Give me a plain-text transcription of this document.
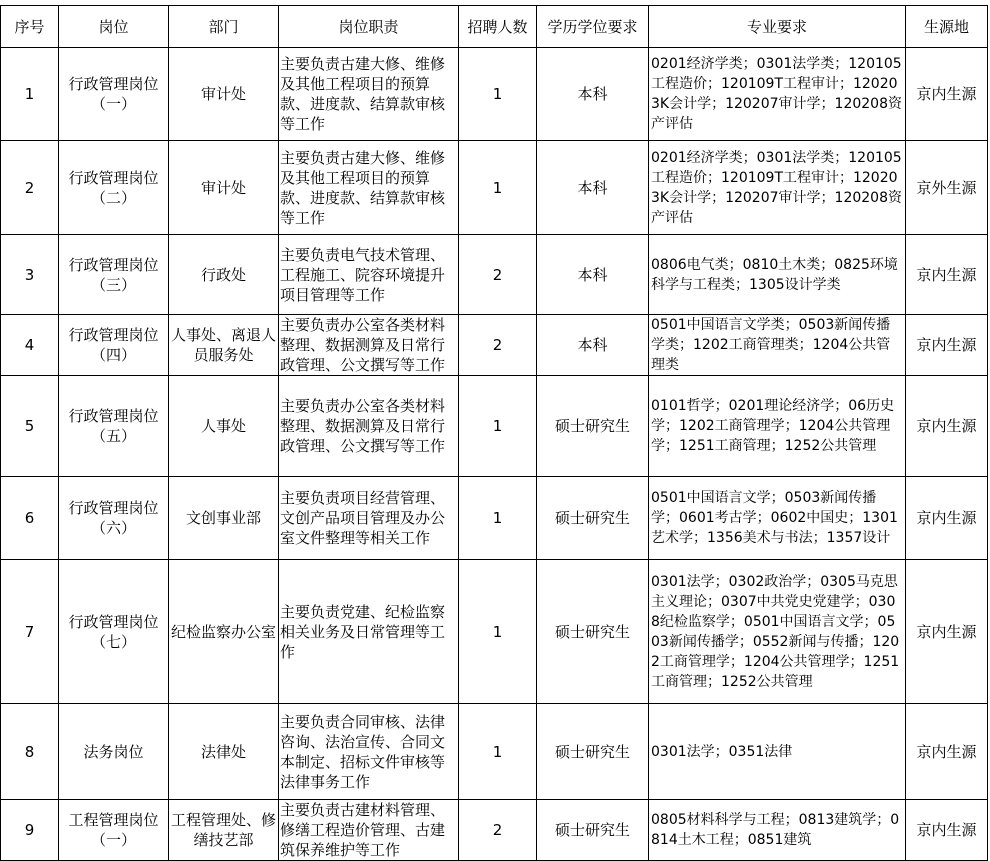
序号	岗位	部门	岗位职责	招聘人数	学历学位要求	专业要求	生源地
1	行政管理岗位（一）	审计处	主要负责古建大修、维修及其他工程项目的预算款、进度款、结算款审核等工作	1	本科	0201经济学类；0301法学类；120105工程造价；120109T工程审计；120203K会计学；120207审计学；120208资产评估	京内生源
2	行政管理岗位（二）	审计处	主要负责古建大修、维修及其他工程项目的预算款、进度款、结算款审核等工作	1	本科	0201经济学类；0301法学类；120105工程造价；120109T工程审计；120203K会计学；120207审计学；120208资产评估	京外生源
3	行政管理岗位（三）	行政处	主要负责电气技术管理、工程施工、院容环境提升项目管理等工作	2	本科	0806电气类；0810土木类；0825环境科学与工程类；1305设计学类	京内生源
4	行政管理岗位（四）	人事处、离退人员服务处	主要负责办公室各类材料整理、数据测算及日常行政管理、公文撰写等工作	2	本科	0501中国语言文学类；0503新闻传播学类；1202工商管理类；1204公共管理类	京内生源
5	行政管理岗位（五）	人事处	主要负责办公室各类材料整理、数据测算及日常行政管理、公文撰写等工作	1	硕士研究生	0101哲学；0201理论经济学；06历史学；1202工商管理学；1204公共管理学；1251工商管理；1252公共管理	京内生源
6	行政管理岗位（六）	文创事业部	主要负责项目经营管理、文创产品项目管理及办公室文件整理等相关工作	1	硕士研究生	0501中国语言文学；0503新闻传播学；0601考古学；0602中国史；1301艺术学；1356美术与书法；1357设计	京内生源
7	行政管理岗位（七）	纪检监察办公室	主要负责党建、纪检监察相关业务及日常管理等工作	1	硕士研究生	0301法学；0302政治学；0305马克思主义理论；0307中共党史党建学；0308纪检监察学；0501中国语言文学；0503新闻传播学；0552新闻与传播；1202工商管理学；1204公共管理学；1251工商管理；1252公共管理	京内生源
8	法务岗位	法律处	主要负责合同审核、法律咨询、法治宣传、合同文本制定、招标文件审核等法律事务工作	1	硕士研究生	0301法学；0351法律	京内生源
9	工程管理岗位（一）	工程管理处、修缮技艺部	主要负责古建材料管理、修缮工程造价管理、古建筑保养维护等工作	2	硕士研究生	0805材料科学与工程；0813建筑学；0814土木工程；0851建筑	京内生源
